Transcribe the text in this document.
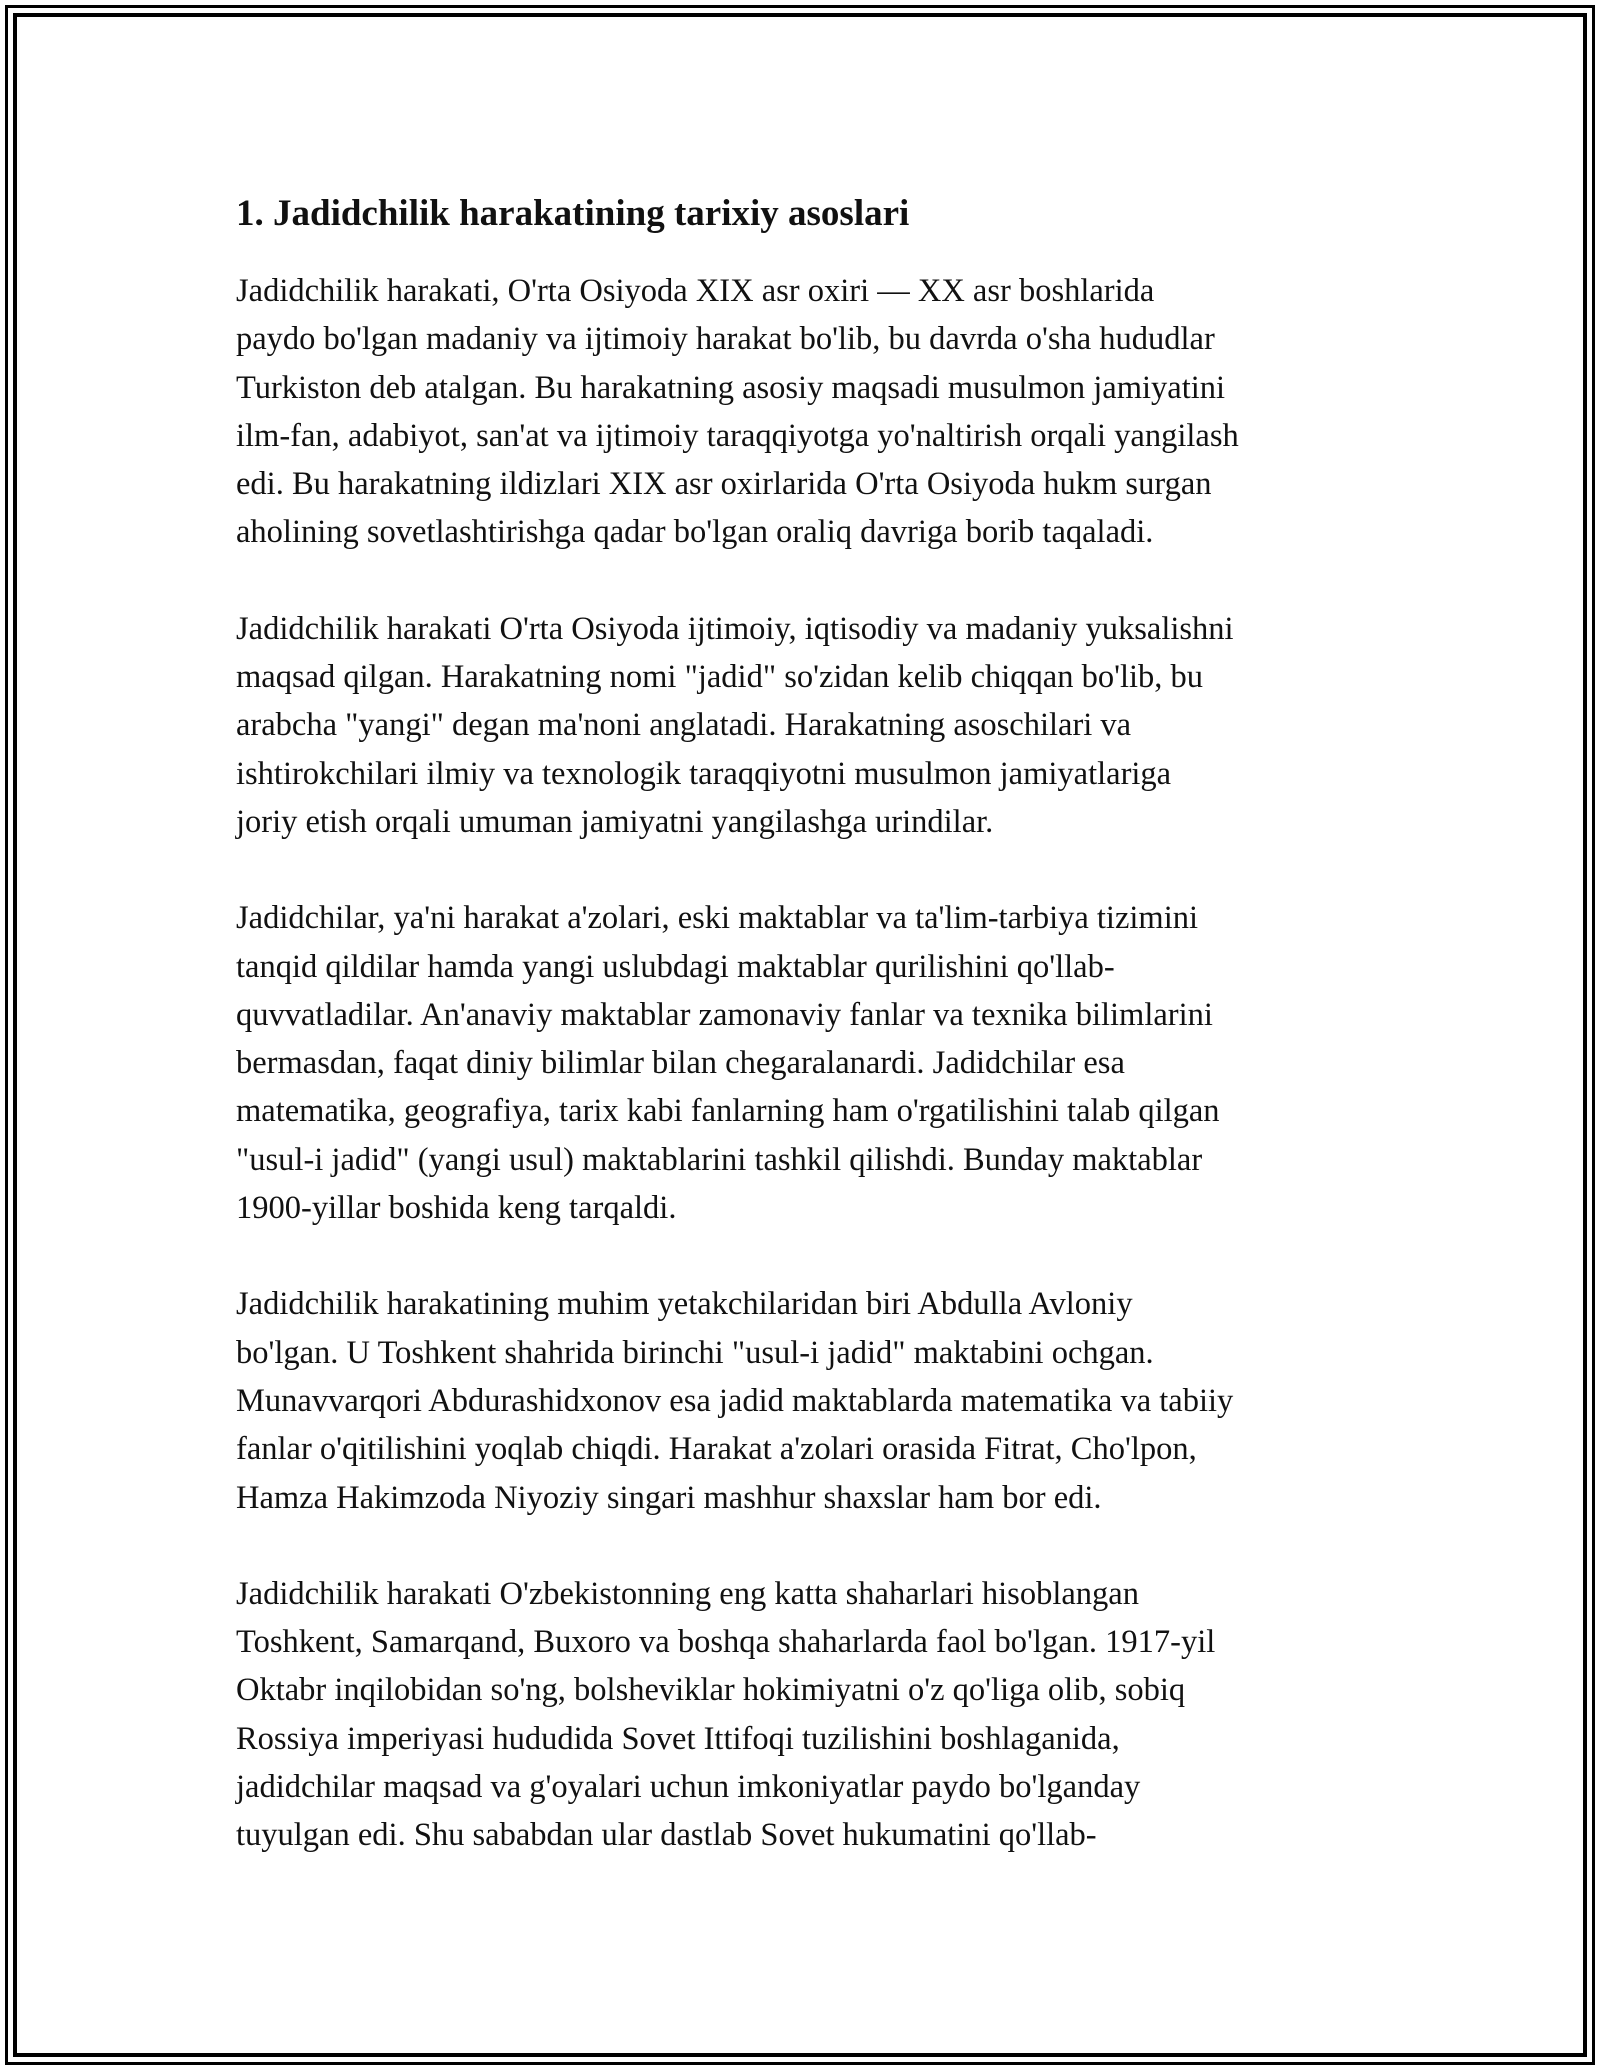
1. Jadidchilik harakatining tarixiy asoslari

Jadidchilik harakati, O'rta Osiyoda XIX asr oxiri — XX asr boshlarida
paydo bo'lgan madaniy va ijtimoiy harakat bo'lib, bu davrda o'sha hududlar
Turkiston deb atalgan. Bu harakatning asosiy maqsadi musulmon jamiyatini
ilm-fan, adabiyot, san'at va ijtimoiy taraqqiyotga yo'naltirish orqali yangilash
edi. Bu harakatning ildizlari XIX asr oxirlarida O'rta Osiyoda hukm surgan
aholining sovetlashtirishga qadar bo'lgan oraliq davriga borib taqaladi.

Jadidchilik harakati O'rta Osiyoda ijtimoiy, iqtisodiy va madaniy yuksalishni
maqsad qilgan. Harakatning nomi "jadid" so'zidan kelib chiqqan bo'lib, bu
arabcha "yangi" degan ma'noni anglatadi. Harakatning asoschilari va
ishtirokchilari ilmiy va texnologik taraqqiyotni musulmon jamiyatlariga
joriy etish orqali umuman jamiyatni yangilashga urindilar.

Jadidchilar, ya'ni harakat a'zolari, eski maktablar va ta'lim-tarbiya tizimini
tanqid qildilar hamda yangi uslubdagi maktablar qurilishini qo'llab-
quvvatladilar. An'anaviy maktablar zamonaviy fanlar va texnika bilimlarini
bermasdan, faqat diniy bilimlar bilan chegaralanardi. Jadidchilar esa
matematika, geografiya, tarix kabi fanlarning ham o'rgatilishini talab qilgan
"usul-i jadid" (yangi usul) maktablarini tashkil qilishdi. Bunday maktablar
1900-yillar boshida keng tarqaldi.

Jadidchilik harakatining muhim yetakchilaridan biri Abdulla Avloniy
bo'lgan. U Toshkent shahrida birinchi "usul-i jadid" maktabini ochgan.
Munavvarqori Abdurashidxonov esa jadid maktablarda matematika va tabiiy
fanlar o'qitilishini yoqlab chiqdi. Harakat a'zolari orasida Fitrat, Cho'lpon,
Hamza Hakimzoda Niyoziy singari mashhur shaxslar ham bor edi.

Jadidchilik harakati O'zbekistonning eng katta shaharlari hisoblangan
Toshkent, Samarqand, Buxoro va boshqa shaharlarda faol bo'lgan. 1917-yil
Oktabr inqilobidan so'ng, bolsheviklar hokimiyatni o'z qo'liga olib, sobiq
Rossiya imperiyasi hududida Sovet Ittifoqi tuzilishini boshlaganida,
jadidchilar maqsad va g'oyalari uchun imkoniyatlar paydo bo'lganday
tuyulgan edi. Shu sababdan ular dastlab Sovet hukumatini qo'llab-
